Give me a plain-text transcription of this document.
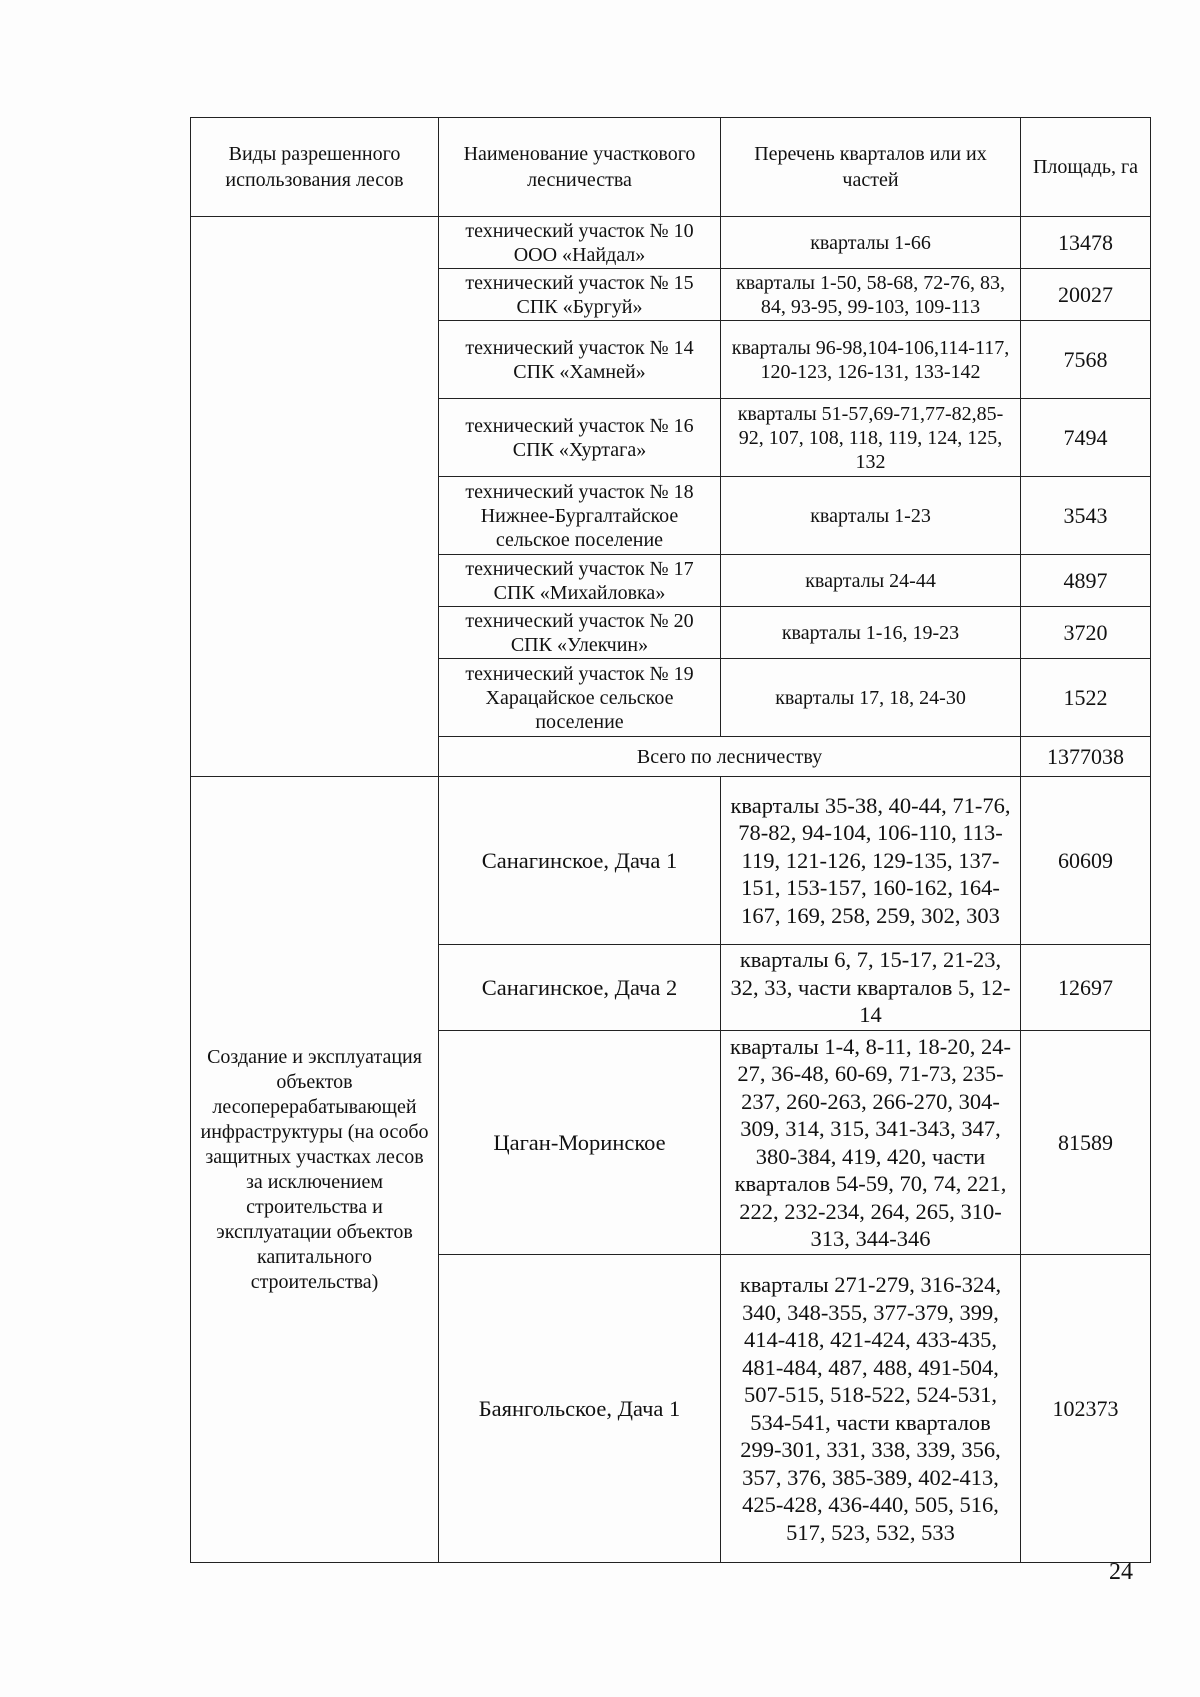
Виды разрешенного использования лесов	Наименование участкового лесничества	Перечень кварталов или их частей	Площадь, га
	технический участок № 10 ООО «Найдал»	кварталы 1-66	13478
	технический участок № 15 СПК «Бургуй»	кварталы 1-50, 58-68, 72-76, 83, 84, 93-95, 99-103, 109-113	20027
	технический участок № 14 СПК «Хамней»	кварталы 96-98,104-106,114-117, 120-123, 126-131, 133-142	7568
	технический участок № 16 СПК «Хуртага»	кварталы 51-57,69-71,77-82,85-92, 107, 108, 118, 119, 124, 125, 132	7494
	технический участок № 18 Нижнее-Бургалтайское сельское поселение	кварталы 1-23	3543
	технический участок № 17 СПК «Михайловка»	кварталы 24-44	4897
	технический участок № 20 СПК «Улекчин»	кварталы 1-16, 19-23	3720
	технический участок № 19 Харацайское сельское поселение	кварталы 17, 18, 24-30	1522
	Всего по лесничеству		1377038
Создание и эксплуатация объектов лесоперерабатывающей инфраструктуры (на особо защитных участках лесов за исключением строительства и эксплуатации объектов капитального строительства)	Санагинское, Дача 1	кварталы 35-38, 40-44, 71-76, 78-82, 94-104, 106-110, 113-119, 121-126, 129-135, 137-151, 153-157, 160-162, 164-167, 169, 258, 259, 302, 303	60609
	Санагинское, Дача 2	кварталы 6, 7, 15-17, 21-23, 32, 33, части кварталов 5, 12-14	12697
	Цаган-Моринское	кварталы 1-4, 8-11, 18-20, 24-27, 36-48, 60-69, 71-73, 235-237, 260-263, 266-270, 304-309, 314, 315, 341-343, 347, 380-384, 419, 420, части кварталов 54-59, 70, 74, 221, 222, 232-234, 264, 265, 310-313, 344-346	81589
	Баянгольское, Дача 1	кварталы 271-279, 316-324, 340, 348-355, 377-379, 399, 414-418, 421-424, 433-435, 481-484, 487, 488, 491-504, 507-515, 518-522, 524-531, 534-541, части кварталов 299-301, 331, 338, 339, 356, 357, 376, 385-389, 402-413, 425-428, 436-440, 505, 516, 517, 523, 532, 533	102373
24
